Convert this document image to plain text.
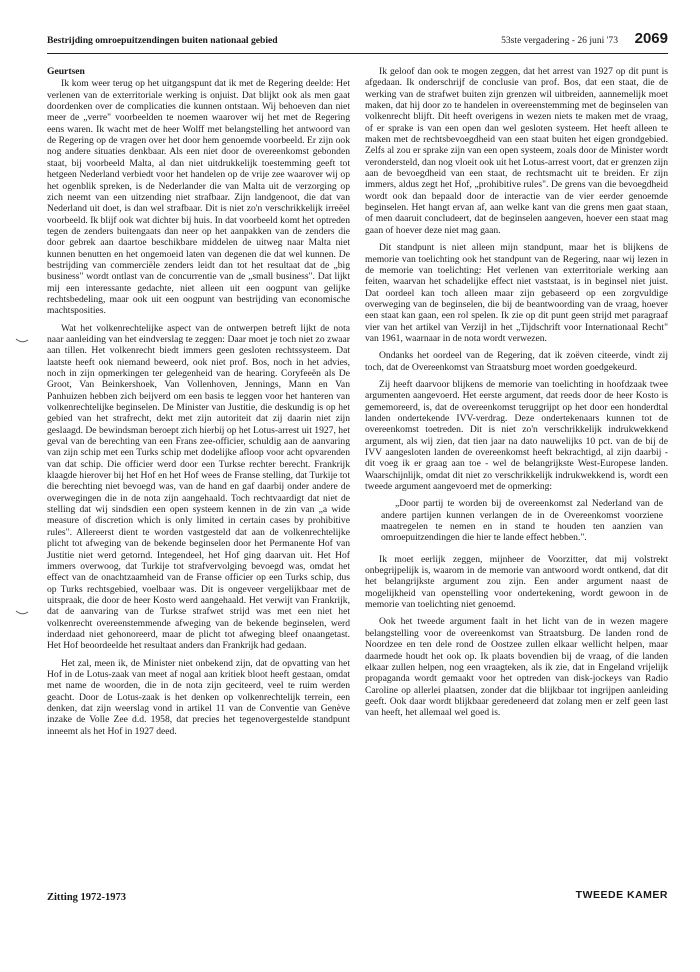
Bestrijding omroepuitzendingen buiten nationaal gebied	53ste vergadering - 26 juni '73 2069
Geurtsen

Ik kom weer terug op het uitgangspunt dat ik met de Regering deelde: Het verlenen van de exterritoriale werking is onjuist. Dat blijkt ook als men gaat doordenken over de complicaties die kunnen ontstaan. Wij behoeven dan niet meer de „verre" voorbeelden te noemen waarover wij het met de Regering eens waren. Ik wacht met de heer Wolff met belangstelling het antwoord van de Regering op de vragen over het door hem genoemde voorbeeld. Er zijn ook nog andere situaties denkbaar. Als een niet door de overeenkomst gebonden staat, bij voorbeeld Malta, al dan niet uitdrukkelijk toestemming geeft tot hetgeen Nederland verbiedt voor het handelen op de vrije zee waarover wij op het ogenblik spreken, is de Nederlander die van Malta uit de verzorging op zich neemt van een uitzending niet strafbaar. Zijn landgenoot, die dat van Nederland uit doet, is dan wel strafbaar. Dit is niet zo'n verschrikkelijk irreëel voorbeeld. Ik blijf ook wat dichter bij huis. In dat voorbeeld komt het optreden tegen de zenders buitengaats dan neer op het aanpakken van de zenders die door gebrek aan daartoe beschikbare middelen de uitweg naar Malta niet kunnen benutten en het ongemoeid laten van degenen die dat wel kunnen. De bestrijding van commerciële zenders leidt dan tot het resultaat dat de „big business" wordt ontlast van de concurrentie van de „small business". Dat lijkt mij een interessante gedachte, niet alleen uit een oogpunt van gelijke rechtsbedeling, maar ook uit een oogpunt van bestrijding van economische machtsposities.

Wat het volkenrechtelijke aspect van de ontwerpen betreft lijkt de nota naar aanleiding van het eindverslag te zeggen: Daar moet je toch niet zo zwaar aan tillen. Het volkenrecht biedt immers geen gesloten rechtssysteem. Dat laatste heeft ook niemand beweerd, ook niet prof. Bos, noch in het advies, noch in zijn opmerkingen ter gelegenheid van de hearing. Coryfeeën als De Groot, Van Beinkershoek, Van Vollenhoven, Jennings, Mann en Van Panhuizen hebben zich beijverd om een basis te leggen voor het hanteren van volkenrechtelijke beginselen. De Minister van Justitie, die deskundig is op het gebied van het strafrecht, dekt met zijn autoriteit dat zij daarin niet zijn geslaagd. De bewindsman beroept zich hierbij op het Lotus-arrest uit 1927, het geval van de berechting van een Frans zee-officier, schuldig aan de aanvaring van zijn schip met een Turks schip met dodelijke afloop voor acht opvarenden van dat schip. Die officier werd door een Turkse rechter berecht. Frankrijk klaagde hierover bij het Hof en het Hof wees de Franse stelling, dat Turkije tot die berechting niet bevoegd was, van de hand en gaf daarbij onder andere de overwegingen die in de nota zijn aangehaald. Toch rechtvaardigt dat niet de stelling dat wij sindsdien een open systeem kennen in de zin van „a wide measure of discretion which is only limited in certain cases by prohibitive rules". Allereerst dient te worden vastgesteld dat aan de volkenrechtelijke plicht tot afweging van de bekende beginselen door het Permanente Hof van Justitie niet werd getornd. Integendeel, het Hof ging daarvan uit. Het Hof immers overwoog, dat Turkije tot strafvervolging bevoegd was, omdat het effect van de onachtzaamheid van de Franse officier op een Turks schip, dus op Turks rechtsgebied, voelbaar was. Dit is ongeveer vergelijkbaar met de uitspraak, die door de heer Kosto werd aangehaald. Het verwijt van Frankrijk, dat de aanvaring van de Turkse strafwet strijd was met een niet het volkenrecht overeenstemmende afweging van de bekende beginselen, werd inderdaad niet gehonoreerd, maar de plicht tot afweging bleef onaangetast. Het Hof beoordeelde het resultaat anders dan Frankrijk had gedaan.

Het zal, meen ik, de Minister niet onbekend zijn, dat de opvatting van het Hof in de Lotus-zaak van meet af nogal aan kritiek bloot heeft gestaan, omdat met name de woorden, die in de nota zijn geciteerd, veel te ruim werden geacht. Door de Lotus-zaak is het denken op volkenrechtelijk terrein, een denken, dat zijn weerslag vond in artikel 11 van de Conventie van Genève inzake de Volle Zee d.d. 1958, dat precies het tegenovergestelde standpunt inneemt als het Hof in 1927 deed.

Ik geloof dan ook te mogen zeggen, dat het arrest van 1927 op dit punt is afgedaan. Ik onderschrijf de conclusie van prof. Bos, dat een staat, die de werking van de strafwet buiten zijn grenzen wil uitbreiden, aannemelijk moet maken, dat hij door zo te handelen in overeenstemming met de beginselen van volkenrecht blijft. Dit heeft overigens in wezen niets te maken met de vraag, of er sprake is van een open dan wel gesloten systeem. Het heeft alleen te maken met de rechtsbevoegdheid van een staat buiten het eigen grondgebied. Zelfs al zou er sprake zijn van een open systeem, zoals door de Minister wordt verondersteld, dan nog vloeit ook uit het Lotus-arrest voort, dat er grenzen zijn aan de bevoegdheid van een staat, de rechtsmacht uit te breiden. Er zijn immers, aldus zegt het Hof, „prohibitive rules". De grens van die bevoegdheid wordt ook dan bepaald door de interactie van de vier eerder genoemde beginselen. Het hangt ervan af, aan welke kant van die grens men gaat staan, of men daaruit concludeert, dat de beginselen aangeven, hoever een staat mag gaan of hoever deze niet mag gaan.

Dit standpunt is niet alleen mijn standpunt, maar het is blijkens de memorie van toelichting ook het standpunt van de Regering, naar wij lezen in de memorie van toelichting: Het verlenen van exterritoriale werking aan feiten, waarvan het schadelijke effect niet vaststaat, is in beginsel niet juist. Dat oordeel kan toch alleen maar zijn gebaseerd op een zorgvuldige overweging van de beginselen, die bij de beantwoording van de vraag, hoever een staat kan gaan, een rol spelen. Ik zie op dit punt geen strijd met paragraaf vier van het artikel van Verzijl in het „Tijdschrift voor Internationaal Recht" van 1961, waarnaar in de nota wordt verwezen.

Ondanks het oordeel van de Regering, dat ik zoëven citeerde, vindt zij toch, dat de Overeenkomst van Straatsburg moet worden goedgekeurd.

Zij heeft daarvoor blijkens de memorie van toelichting in hoofdzaak twee argumenten aangevoerd. Het eerste argument, dat reeds door de heer Kosto is gememoreerd, is, dat de overeenkomst teruggrijpt op het door een honderdtal landen ondertekende IVV-verdrag. Deze ondertekenaars kunnen tot de overeenkomst toetreden. Dit is niet zo'n verschrikkelijk indrukwekkend argument, als wij zien, dat tien jaar na dato nauwelijks 10 pct. van de bij de IVV aangesloten landen de overeenkomst heeft bekrachtigd, al zijn daarbij - dit voeg ik er graag aan toe - wel de belangrijkste West-Europese landen. Waarschijnlijk, omdat dit niet zo verschrikkelijk indrukwekkend is, wordt een tweede argument aangevoerd met de opmerking:

„Door partij te worden bij de overeenkomst zal Nederland van de andere partijen kunnen verlangen de in de Overeenkomst voorziene maatregelen te nemen en in stand te houden ten aanzien van omroepuitzendingen die hier te lande effect hebben.".

Ik moet eerlijk zeggen, mijnheer de Voorzitter, dat mij volstrekt onbegrijpelijk is, waarom in de memorie van antwoord wordt ontkend, dat dit het belangrijkste argument zou zijn. Een ander argument naast de mogelijkheid van openstelling voor ondertekening, wordt gewoon in de memorie van toelichting niet genoemd.

Ook het tweede argument faalt in het licht van de in wezen magere belangstelling voor de overeenkomst van Straatsburg. De landen rond de Noordzee en ten dele rond de Oostzee zullen elkaar wellicht helpen, maar daarmede houdt het ook op. Ik plaats bovendien bij de vraag, of die landen elkaar zullen helpen, nog een vraagteken, als ik zie, dat in Engeland vrijelijk propaganda wordt gemaakt voor het optreden van disk-jockeys van Radio Caroline op allerlei plaatsen, zonder dat die blijkbaar tot ingrijpen aanleiding geeft. Ook daar wordt blijkbaar geredeneerd dat zolang men er zelf geen last van heeft, het allemaal wel goed is.

Zitting 1972-1973	TWEEDE KAMER
